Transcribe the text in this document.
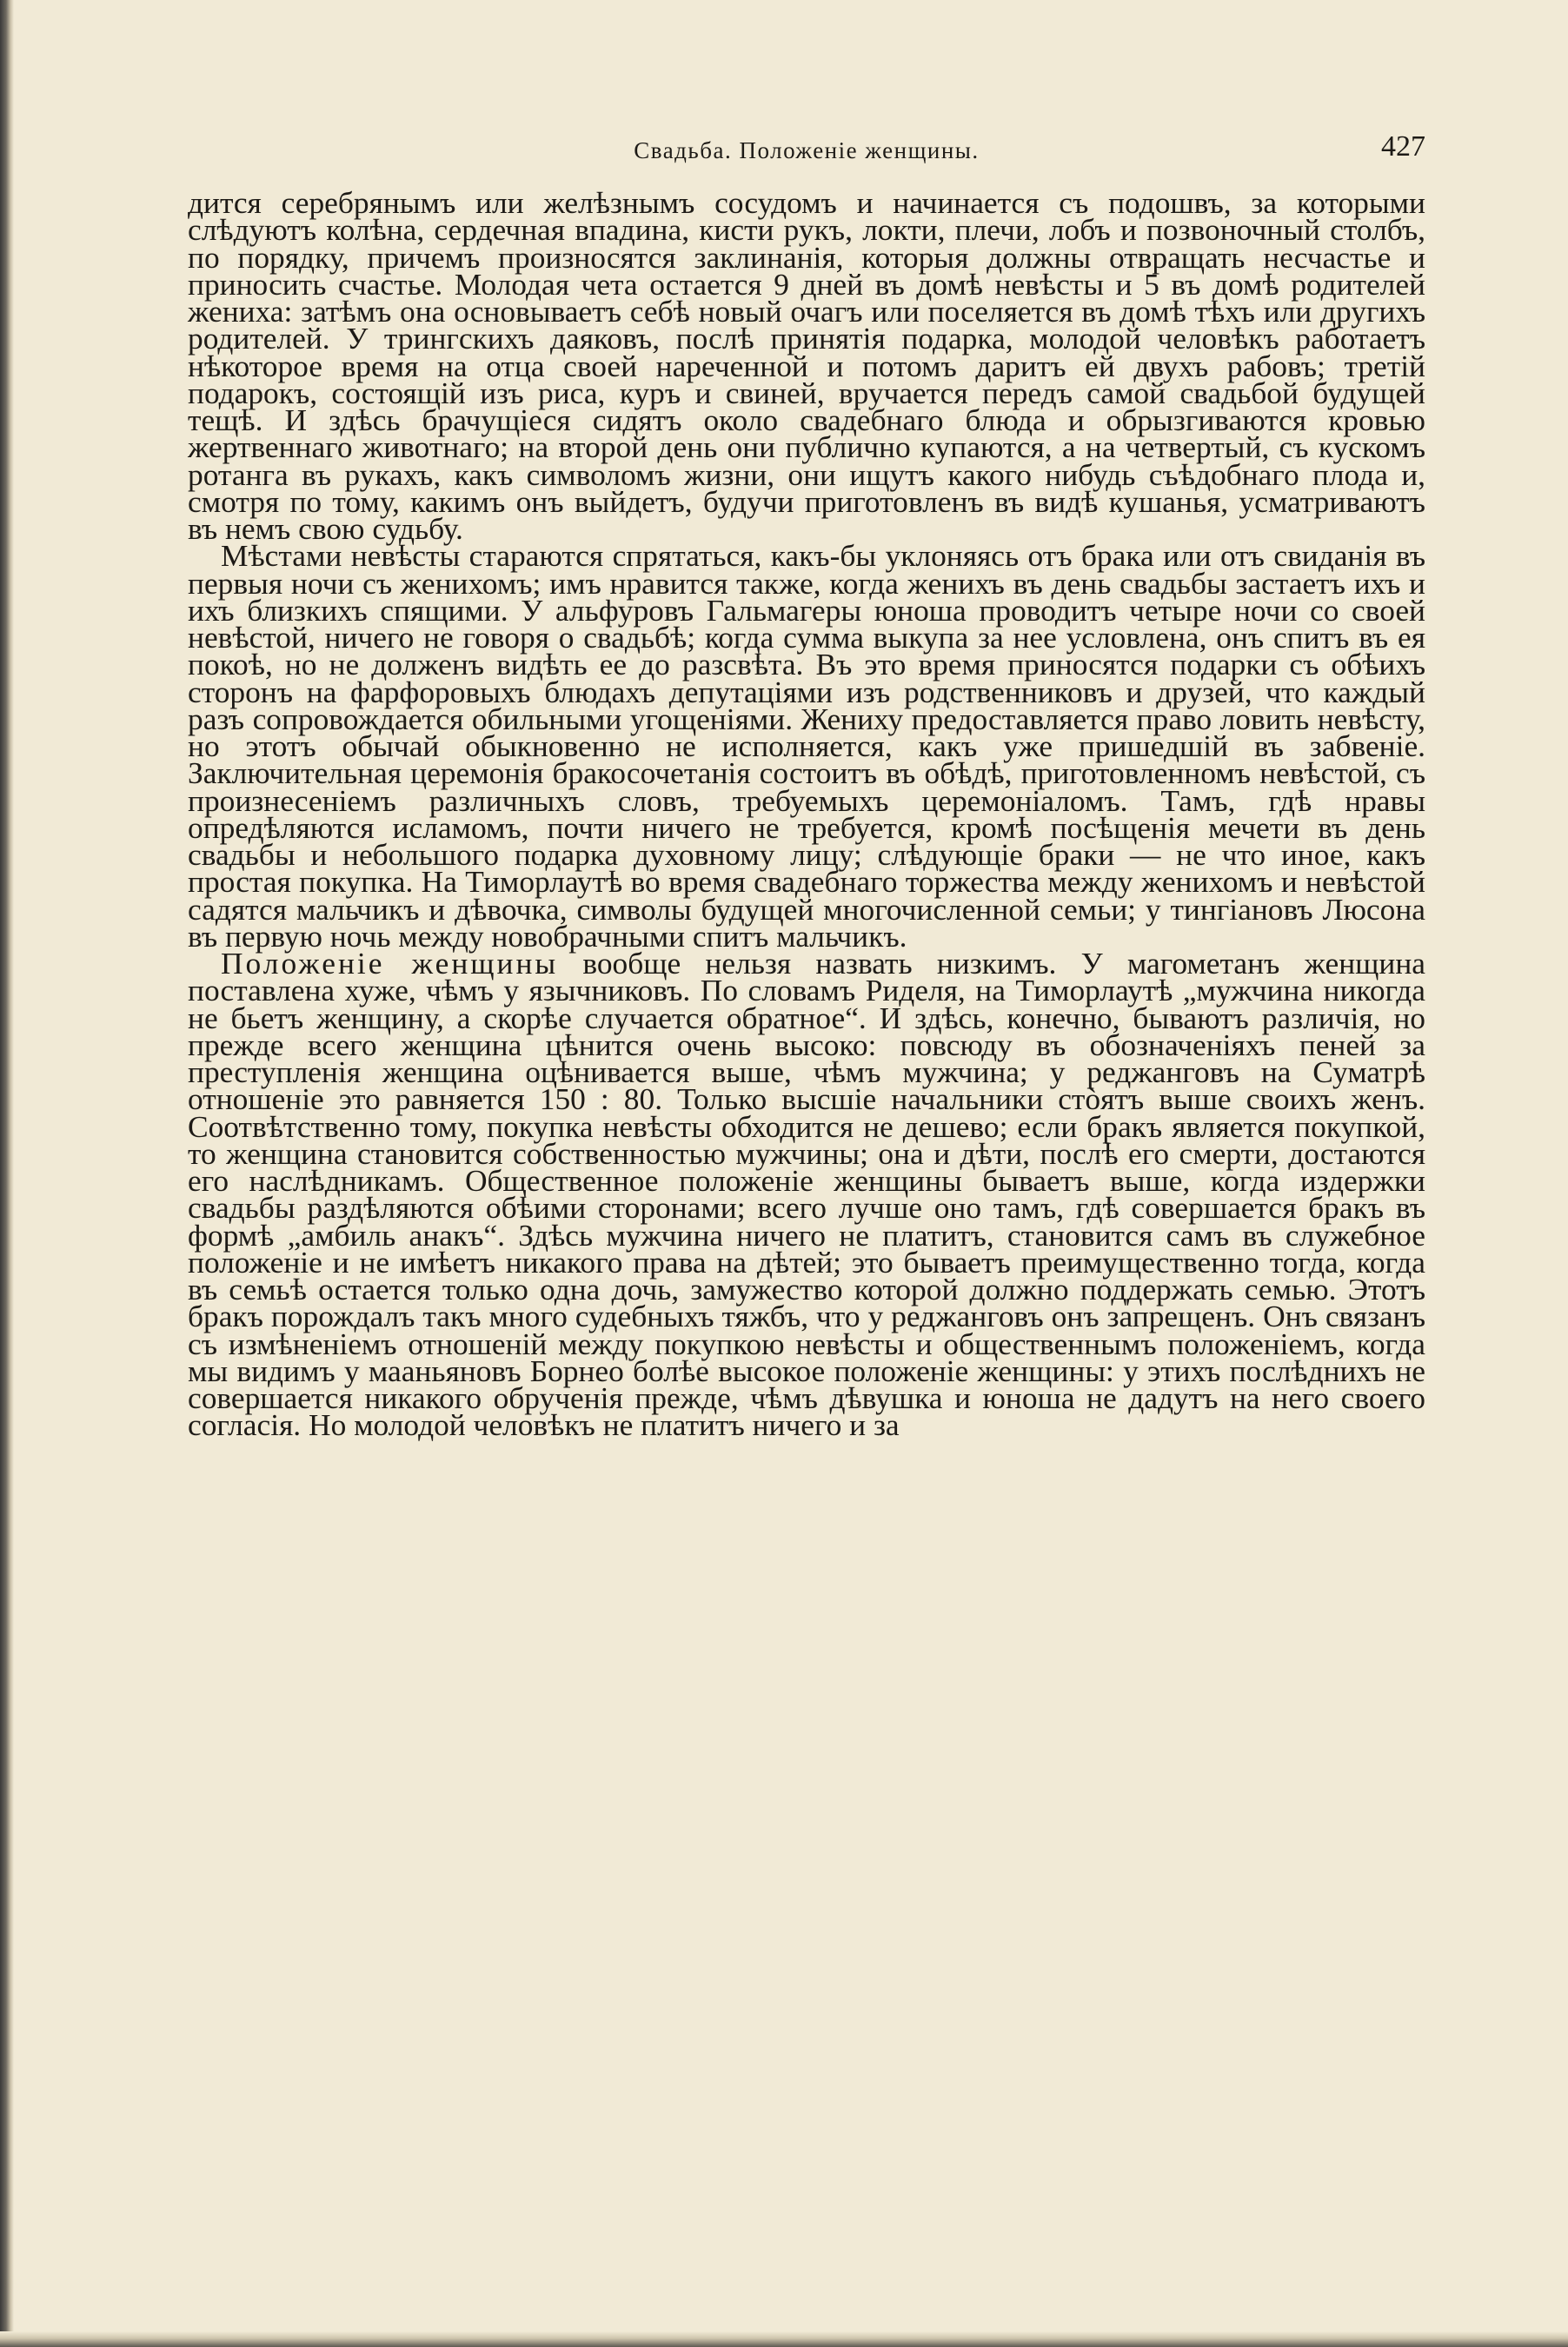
Свадьба. Положеніе женщины.	427

дится серебрянымъ или желѣзнымъ сосудомъ и начинается съ подошвъ, за которыми слѣдуютъ колѣна, сердечная впадина, кисти рукъ, локти, плечи, лобъ и позвоночный столбъ, по порядку, причемъ произносятся заклинанія, которыя должны отвращать несчастье и приносить счастье. Молодая чета остается 9 дней въ домѣ невѣсты и 5 въ домѣ родителей жениха: затѣмъ она основываетъ себѣ новый очагъ или поселяется въ домѣ тѣхъ или другихъ родителей. У трингскихъ даяковъ, послѣ принятія подарка, молодой человѣкъ работаетъ нѣкоторое время на отца своей нареченной и потомъ даритъ ей двухъ рабовъ; третій подарокъ, состоящій изъ риса, куръ и свиней, вручается передъ самой свадьбой будущей тещѣ. И здѣсь брачущіеся сидятъ около свадебнаго блюда и обрызгиваются кровью жертвеннаго животнаго; на второй день они публично купаются, а на четвертый, съ кускомъ ротанга въ рукахъ, какъ символомъ жизни, они ищутъ какого нибудь съѣдобнаго плода и, смотря по тому, какимъ онъ выйдетъ, будучи приготовленъ въ видѣ кушанья, усматриваютъ въ немъ свою судьбу.

Мѣстами невѣсты стараются спрятаться, какъ-бы уклоняясь отъ брака или отъ свиданія въ первыя ночи съ женихомъ; имъ нравится также, когда женихъ въ день свадьбы застаетъ ихъ и ихъ близкихъ спящими. У альфуровъ Гальмагеры юноша проводитъ четыре ночи со своей невѣстой, ничего не говоря о свадьбѣ; когда сумма выкупа за нее условлена, онъ спитъ въ ея покоѣ, но не долженъ видѣть ее до разсвѣта. Въ это время приносятся подарки съ обѣихъ сторонъ на фарфоровыхъ блюдахъ депутаціями изъ родственниковъ и друзей, что каждый разъ сопровождается обильными угощеніями. Жениху предоставляется право ловить невѣсту, но этотъ обычай обыкновенно не исполняется, какъ уже пришедшій въ забвеніе. Заключительная церемонія бракосочетанія состоитъ въ обѣдѣ, приготовленномъ невѣстой, съ произнесеніемъ различныхъ словъ, требуемыхъ церемоніаломъ. Тамъ, гдѣ нравы опредѣляются исламомъ, почти ничего не требуется, кромѣ посѣщенія мечети въ день свадьбы и небольшого подарка духовному лицу; слѣдующіе браки — не что иное, какъ простая покупка. На Тиморлаутѣ во время свадебнаго торжества между женихомъ и невѣстой садятся мальчикъ и дѣвочка, символы будущей многочисленной семьи; у тингіановъ Люсона въ первую ночь между новобрачными спитъ мальчикъ.

Положеніе женщины вообще нельзя назвать низкимъ. У магометанъ женщина поставлена хуже, чѣмъ у язычниковъ. По словамъ Риделя, на Тиморлаутѣ „мужчина никогда не бьетъ женщину, а скорѣе случается обратное“. И здѣсь, конечно, бываютъ различія, но прежде всего женщина цѣнится очень высоко: повсюду въ обозначеніяхъ пеней за преступленія женщина оцѣнивается выше, чѣмъ мужчина; у реджанговъ на Суматрѣ отношеніе это равняется 150 : 80. Только высшіе начальники стòятъ выше своихъ женъ. Соотвѣтственно тому, покупка невѣсты обходится не дешево; если бракъ является покупкой, то женщина становится собственностью мужчины; она и дѣти, послѣ его смерти, достаются его наслѣдникамъ. Общественное положеніе женщины бываетъ выше, когда издержки свадьбы раздѣляются обѣими сторонами; всего лучше оно тамъ, гдѣ совершается бракъ въ формѣ „амбиль анакъ“. Здѣсь мужчина ничего не платитъ, становится самъ въ служебное положеніе и не имѣетъ никакого права на дѣтей; это бываетъ преимущественно тогда, когда въ семьѣ остается только одна дочь, замужество которой должно поддержать семью. Этотъ бракъ порождалъ такъ много судебныхъ тяжбъ, что у реджанговъ онъ запрещенъ. Онъ связанъ съ измѣненіемъ отношеній между покупкою невѣсты и общественнымъ положеніемъ, когда мы видимъ у мааньяновъ Борнео болѣе высокое положеніе женщины: у этихъ послѣднихъ не совершается никакого обрученія прежде, чѣмъ дѣвушка и юноша не дадутъ на него своего согласія. Но молодой человѣкъ не платитъ ничего и за
